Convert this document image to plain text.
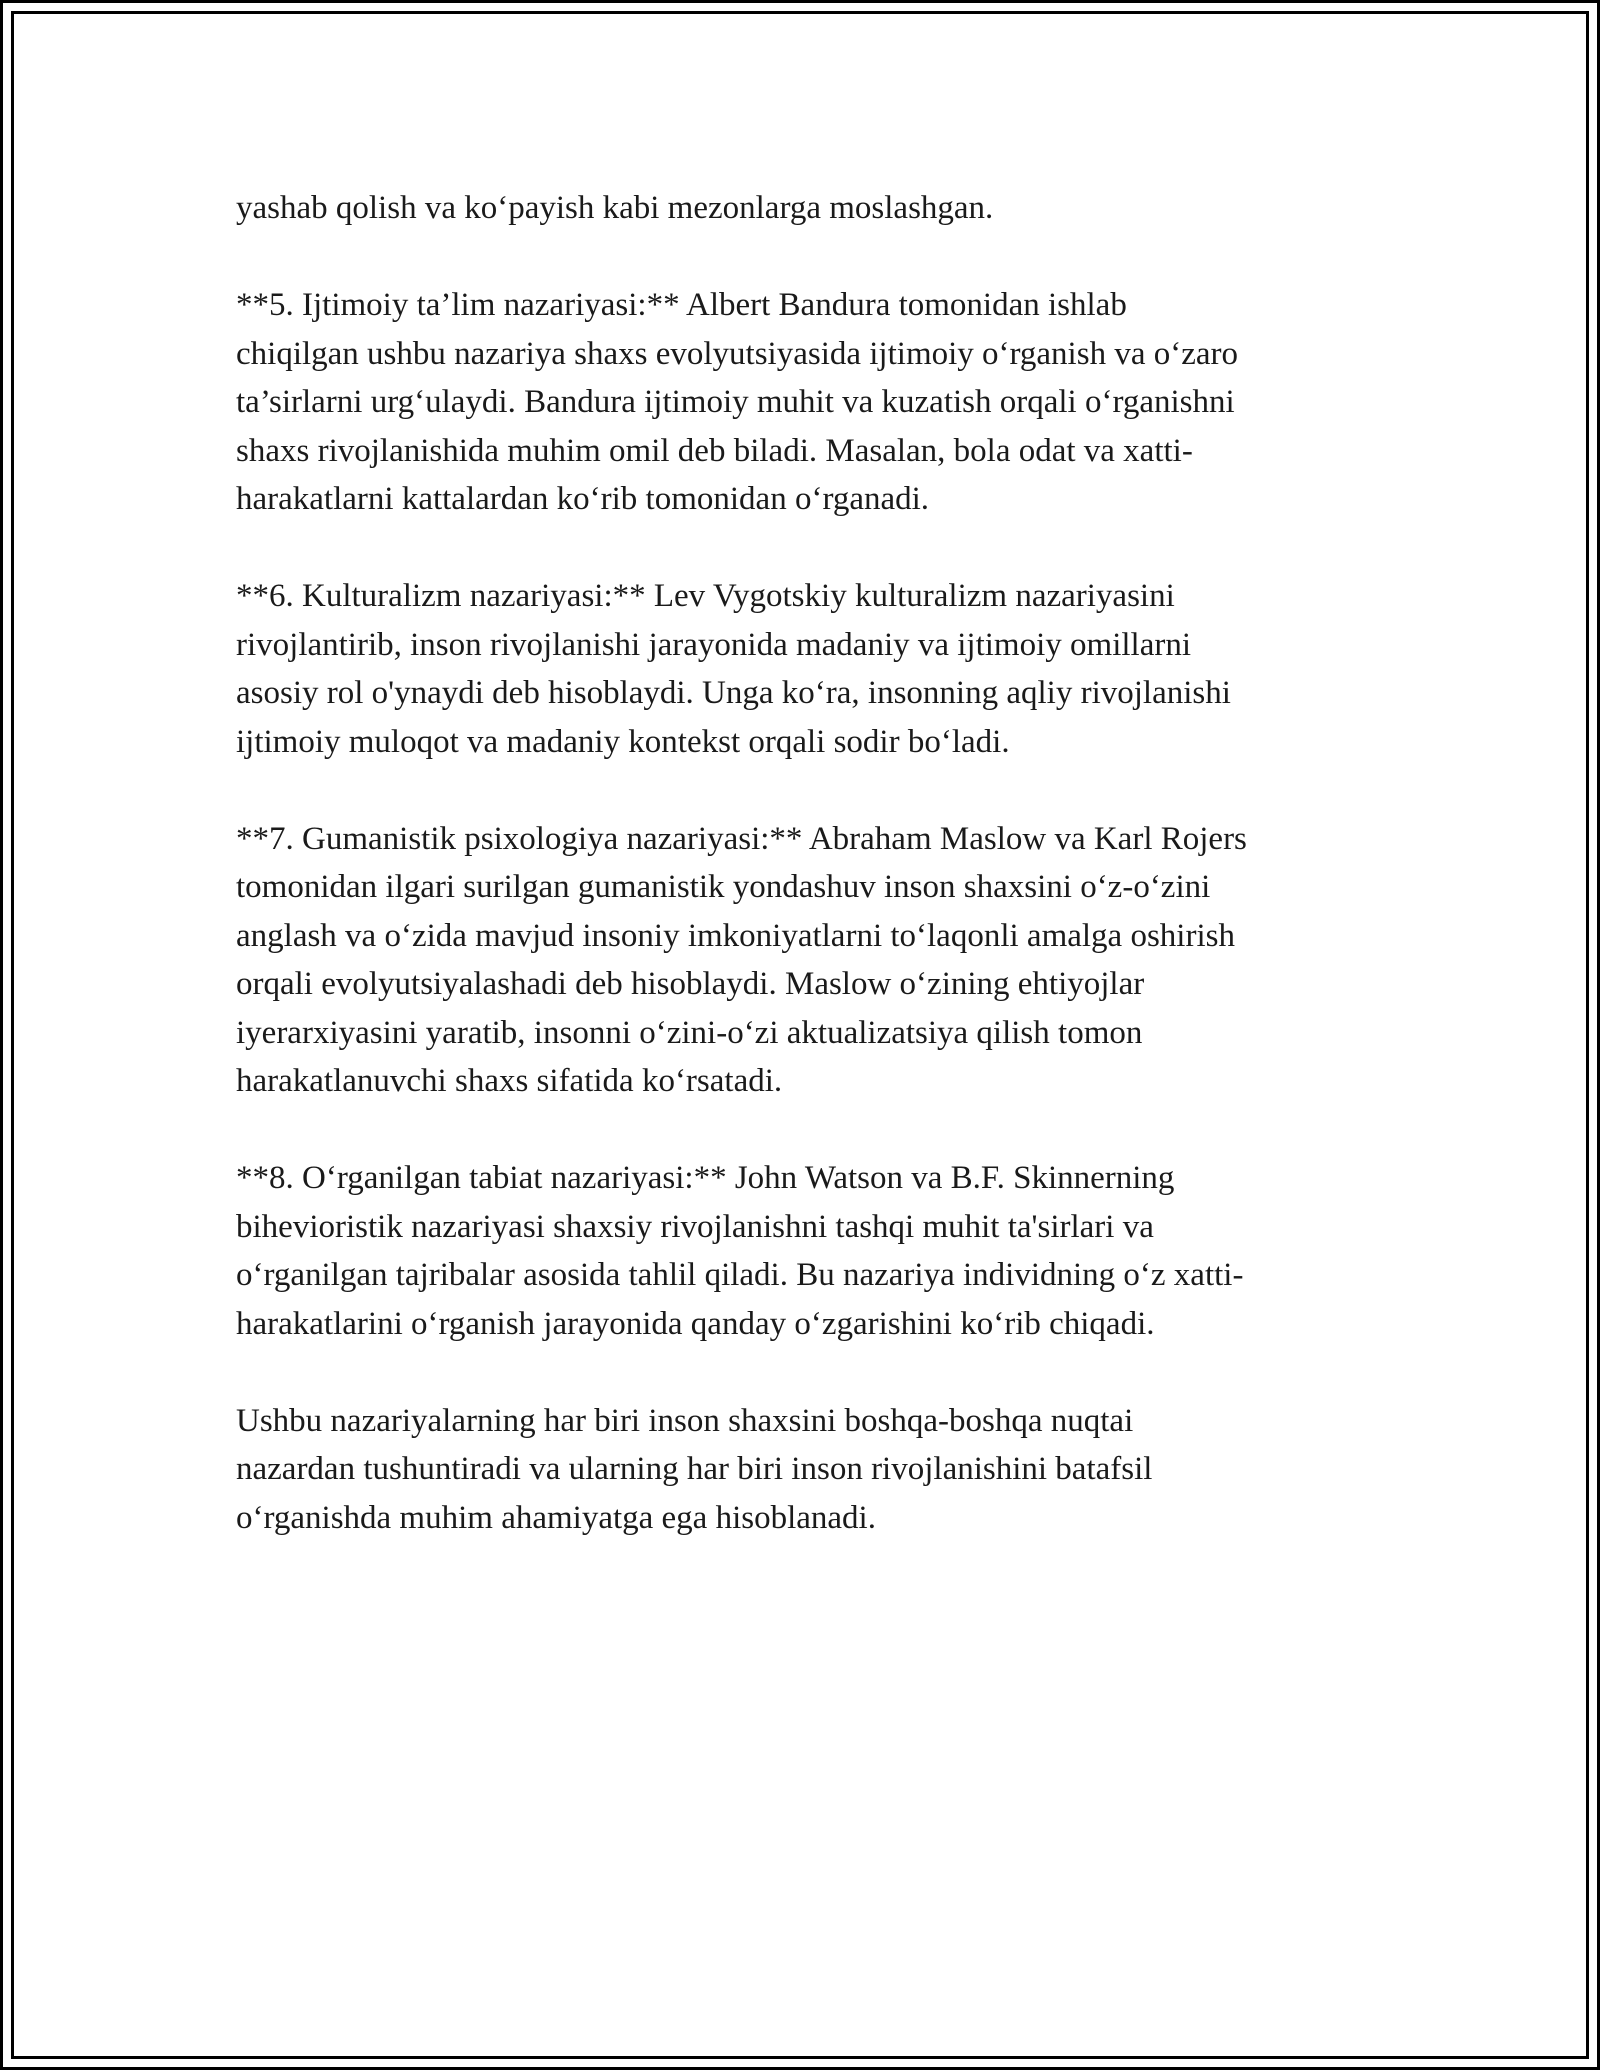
yashab qolish va ko‘payish kabi mezonlarga moslashgan.

**5. Ijtimoiy ta’lim nazariyasi:** Albert Bandura tomonidan ishlab
chiqilgan ushbu nazariya shaxs evolyutsiyasida ijtimoiy o‘rganish va o‘zaro
ta’sirlarni urg‘ulaydi. Bandura ijtimoiy muhit va kuzatish orqali o‘rganishni
shaxs rivojlanishida muhim omil deb biladi. Masalan, bola odat va xatti-
harakatlarni kattalardan ko‘rib tomonidan o‘rganadi.

**6. Kulturalizm nazariyasi:** Lev Vygotskiy kulturalizm nazariyasini
rivojlantirib, inson rivojlanishi jarayonida madaniy va ijtimoiy omillarni
asosiy rol o'ynaydi deb hisoblaydi. Unga ko‘ra, insonning aqliy rivojlanishi
ijtimoiy muloqot va madaniy kontekst orqali sodir bo‘ladi.

**7. Gumanistik psixologiya nazariyasi:** Abraham Maslow va Karl Rojers
tomonidan ilgari surilgan gumanistik yondashuv inson shaxsini o‘z-o‘zini
anglash va o‘zida mavjud insoniy imkoniyatlarni to‘laqonli amalga oshirish
orqali evolyutsiyalashadi deb hisoblaydi. Maslow o‘zining ehtiyojlar
iyerarxiyasini yaratib, insonni o‘zini-o‘zi aktualizatsiya qilish tomon
harakatlanuvchi shaxs sifatida ko‘rsatadi.

**8. O‘rganilgan tabiat nazariyasi:** John Watson va B.F. Skinnerning
bihevioristik nazariyasi shaxsiy rivojlanishni tashqi muhit ta'sirlari va
o‘rganilgan tajribalar asosida tahlil qiladi. Bu nazariya individning o‘z xatti-
harakatlarini o‘rganish jarayonida qanday o‘zgarishini ko‘rib chiqadi.

Ushbu nazariyalarning har biri inson shaxsini boshqa-boshqa nuqtai
nazardan tushuntiradi va ularning har biri inson rivojlanishini batafsil
o‘rganishda muhim ahamiyatga ega hisoblanadi.
